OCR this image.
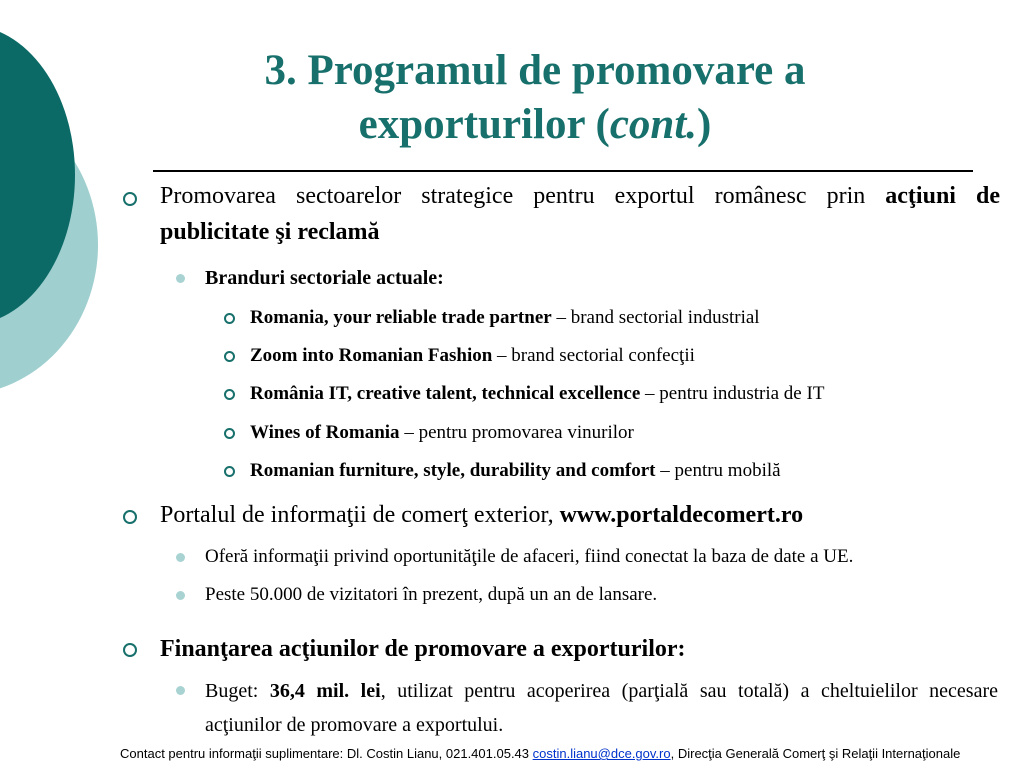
3. Programul de promovare a
exporturilor (cont.)
Promovarea sectoarelor strategice pentru exportul românesc prin acţiuni de publicitate şi reclamă
Branduri sectoriale actuale:
Romania, your reliable trade partner – brand sectorial industrial
Zoom into Romanian Fashion – brand sectorial confecţii
România IT, creative talent, technical excellence – pentru industria de IT
Wines of Romania – pentru promovarea vinurilor
Romanian furniture, style, durability and comfort – pentru mobilă
Portalul de informaţii de comerţ exterior, www.portaldecomert.ro
Oferă informaţii privind oportunităţile de afaceri, fiind conectat la baza de date a UE.
Peste 50.000 de vizitatori în prezent, după un an de lansare.
Finanţarea acţiunilor de promovare a exporturilor:
Buget: 36,4 mil. lei, utilizat pentru acoperirea (parţială sau totală) a cheltuielilor necesare acţiunilor de promovare a exportului.
Contact pentru informaţii suplimentare: Dl. Costin Lianu, 021.401.05.43 costin.lianu@dce.gov.ro, Direcţia Generală Comerţ şi Relaţii Internaţionale
